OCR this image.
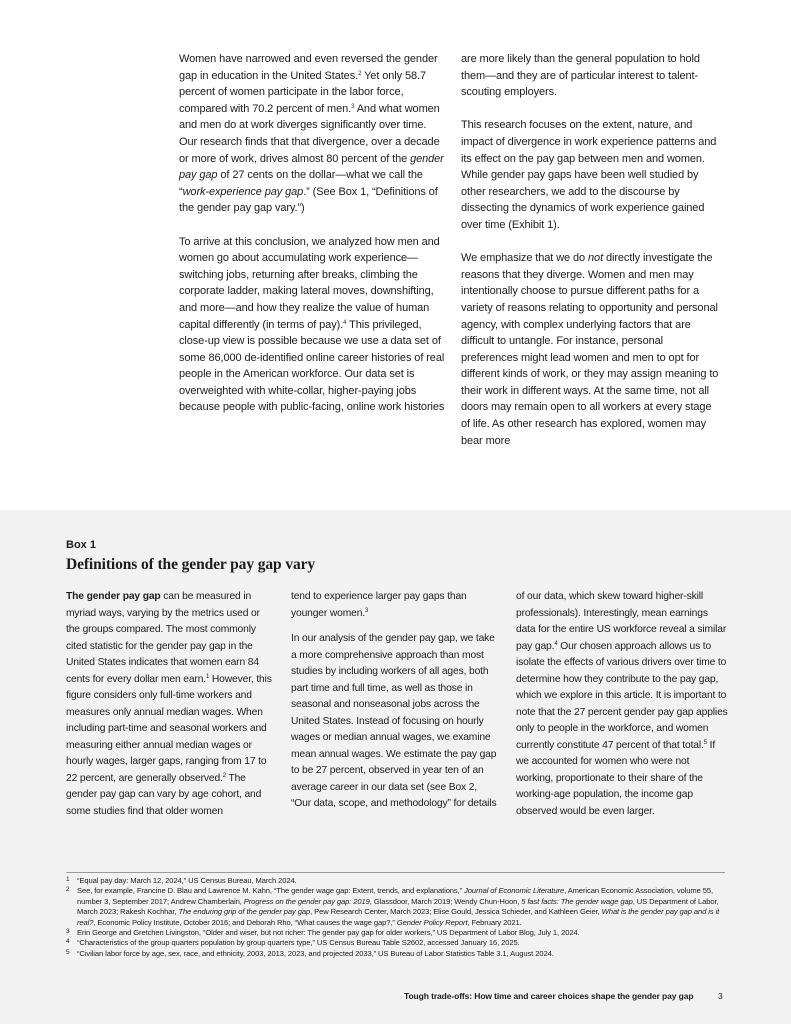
Women have narrowed and even reversed the gender gap in education in the United States.$^2$ Yet only 58.7 percent of women participate in the labor force, compared with 70.2 percent of men.$^3$ And what women and men do at work diverges significantly over time. Our research finds that that divergence, over a decade or more of work, drives almost 80 percent of the gender pay gap of 27 cents on the dollar—what we call the “work-experience pay gap.” (See Box 1, “Definitions of the gender pay gap vary.”)

To arrive at this conclusion, we analyzed how men and women go about accumulating work experience—switching jobs, returning after breaks, climbing the corporate ladder, making lateral moves, downshifting, and more—and how they realize the value of human capital differently (in terms of pay).$^4$ This privileged, close-up view is possible because we use a data set of some 86,000 de-identified online career histories of real people in the American workforce. Our data set is overweighted with white-collar, higher-paying jobs because people with public-facing, online work histories

are more likely than the general population to hold them—and they are of particular interest to talent-scouting employers.

This research focuses on the extent, nature, and impact of divergence in work experience patterns and its effect on the pay gap between men and women. While gender pay gaps have been well studied by other researchers, we add to the discourse by dissecting the dynamics of work experience gained over time (Exhibit 1).

We emphasize that we do not directly investigate the reasons that they diverge. Women and men may intentionally choose to pursue different paths for a variety of reasons relating to opportunity and personal agency, with complex underlying factors that are difficult to untangle. For instance, personal preferences might lead women and men to opt for different kinds of work, or they may assign meaning to their work in different ways. At the same time, not all doors may remain open to all workers at every stage of life. As other research has explored, women may bear more

Box 1
Definitions of the gender pay gap vary

The gender pay gap can be measured in myriad ways, varying by the metrics used or the groups compared. The most commonly cited statistic for the gender pay gap in the United States indicates that women earn 84 cents for every dollar men earn.$^1$ However, this figure considers only full-time workers and measures only annual median wages. When including part-time and seasonal workers and measuring either annual median wages or hourly wages, larger gaps, ranging from 17 to 22 percent, are generally observed.$^2$ The gender pay gap can vary by age cohort, and some studies find that older women

tend to experience larger pay gaps than younger women.$^3$

In our analysis of the gender pay gap, we take a more comprehensive approach than most studies by including workers of all ages, both part time and full time, as well as those in seasonal and nonseasonal jobs across the United States. Instead of focusing on hourly wages or median annual wages, we examine mean annual wages. We estimate the pay gap to be 27 percent, observed in year ten of an average career in our data set (see Box 2, “Our data, scope, and methodology” for details

of our data, which skew toward higher-skill professionals). Interestingly, mean earnings data for the entire US workforce reveal a similar pay gap.$^4$ Our chosen approach allows us to isolate the effects of various drivers over time to determine how they contribute to the pay gap, which we explore in this article. It is important to note that the 27 percent gender pay gap applies only to people in the workforce, and women currently constitute 47 percent of that total.$^5$ If we accounted for women who were not working, proportionate to their share of the working-age population, the income gap observed would be even larger.

1 “Equal pay day: March 12, 2024,” US Census Bureau, March 2024.
2 See, for example, Francine D. Blau and Lawrence M. Kahn, “The gender wage gap: Extent, trends, and explanations,” Journal of Economic Literature, American Economic Association, volume 55, number 3, September 2017; Andrew Chamberlain, Progress on the gender pay gap: 2019, Glassdoor, March 2019; Wendy Chun-Hoon, 5 fast facts: The gender wage gap, US Department of Labor, March 2023; Rakesh Kochhar, The enduring grip of the gender pay gap, Pew Research Center, March 2023; Elise Gould, Jessica Schieder, and Kathleen Geier, What is the gender pay gap and is it real?, Economic Policy Institute, October 2016; and Deborah Rho, “What causes the wage gap?,” Gender Policy Report, February 2021.
3 Erin George and Gretchen Livingston, “Older and wiser, but not richer: The gender pay gap for older workers,” US Department of Labor Blog, July 1, 2024.
4 “Characteristics of the group quarters population by group quarters type,” US Census Bureau Table S2602, accessed January 16, 2025.
5 “Civilian labor force by age, sex, race, and ethnicity, 2003, 2013, 2023, and projected 2033,” US Bureau of Labor Statistics Table 3.1, August 2024.
Tough trade-offs: How time and career choices shape the gender pay gap	3
